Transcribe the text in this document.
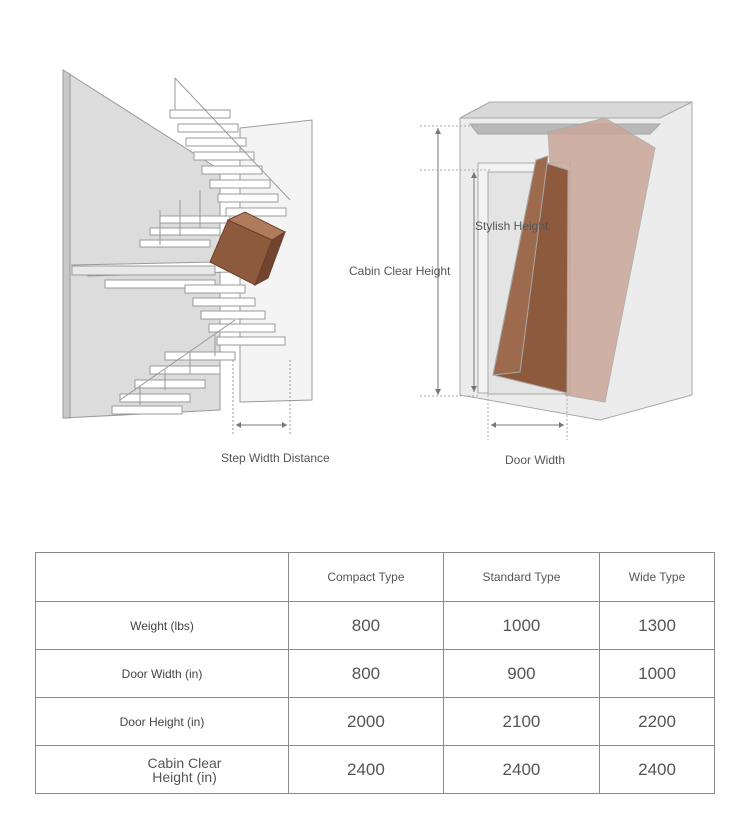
Step Width Distance
Cabin Clear Height
Stylish Height
Door Width
	Compact Type	Standard Type	Wide Type
Weight (lbs)	800	1000	1300
Door Width (in)	800	900	1000
Door Height (in)	2000	2100	2200

Cabin Clear
Height (in)	2400	2400	2400
